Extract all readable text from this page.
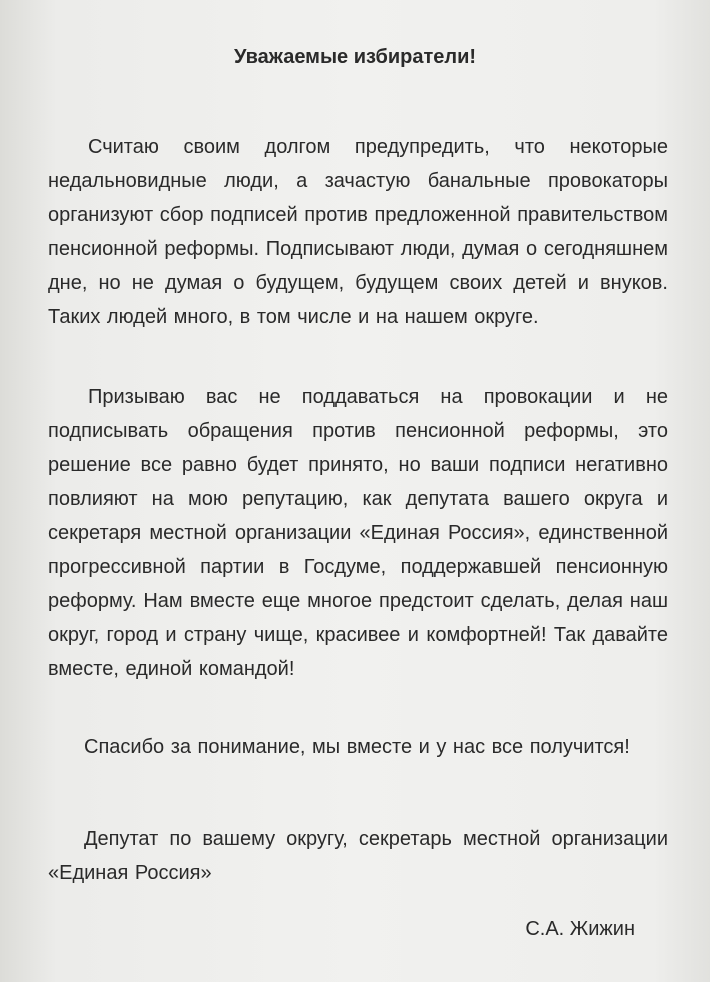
Уважаемые избиратели!

Считаю своим долгом предупредить, что некоторые недальновидные люди, а зачастую банальные провокаторы организуют сбор подписей против предложенной правительством пенсионной реформы. Подписывают люди, думая о сегодняшнем дне, но не думая о будущем, будущем своих детей и внуков. Таких людей много, в том числе и на нашем округе.

Призываю вас не поддаваться на провокации и не подписывать обращения против пенсионной реформы, это решение все равно будет принято, но ваши подписи негативно повлияют на мою репутацию, как депутата вашего округа и секретаря местной организации «Единая Россия», единственной прогрессивной партии в Госдуме, поддержавшей пенсионную реформу. Нам вместе еще многое предстоит сделать, делая наш округ, город и страну чище, красивее и комфортней! Так давайте вместе, единой командой!

Спасибо за понимание, мы вместе и у нас все получится!

Депутат по вашему округу, секретарь местной организации «Единая Россия»

С.А. Жижин
